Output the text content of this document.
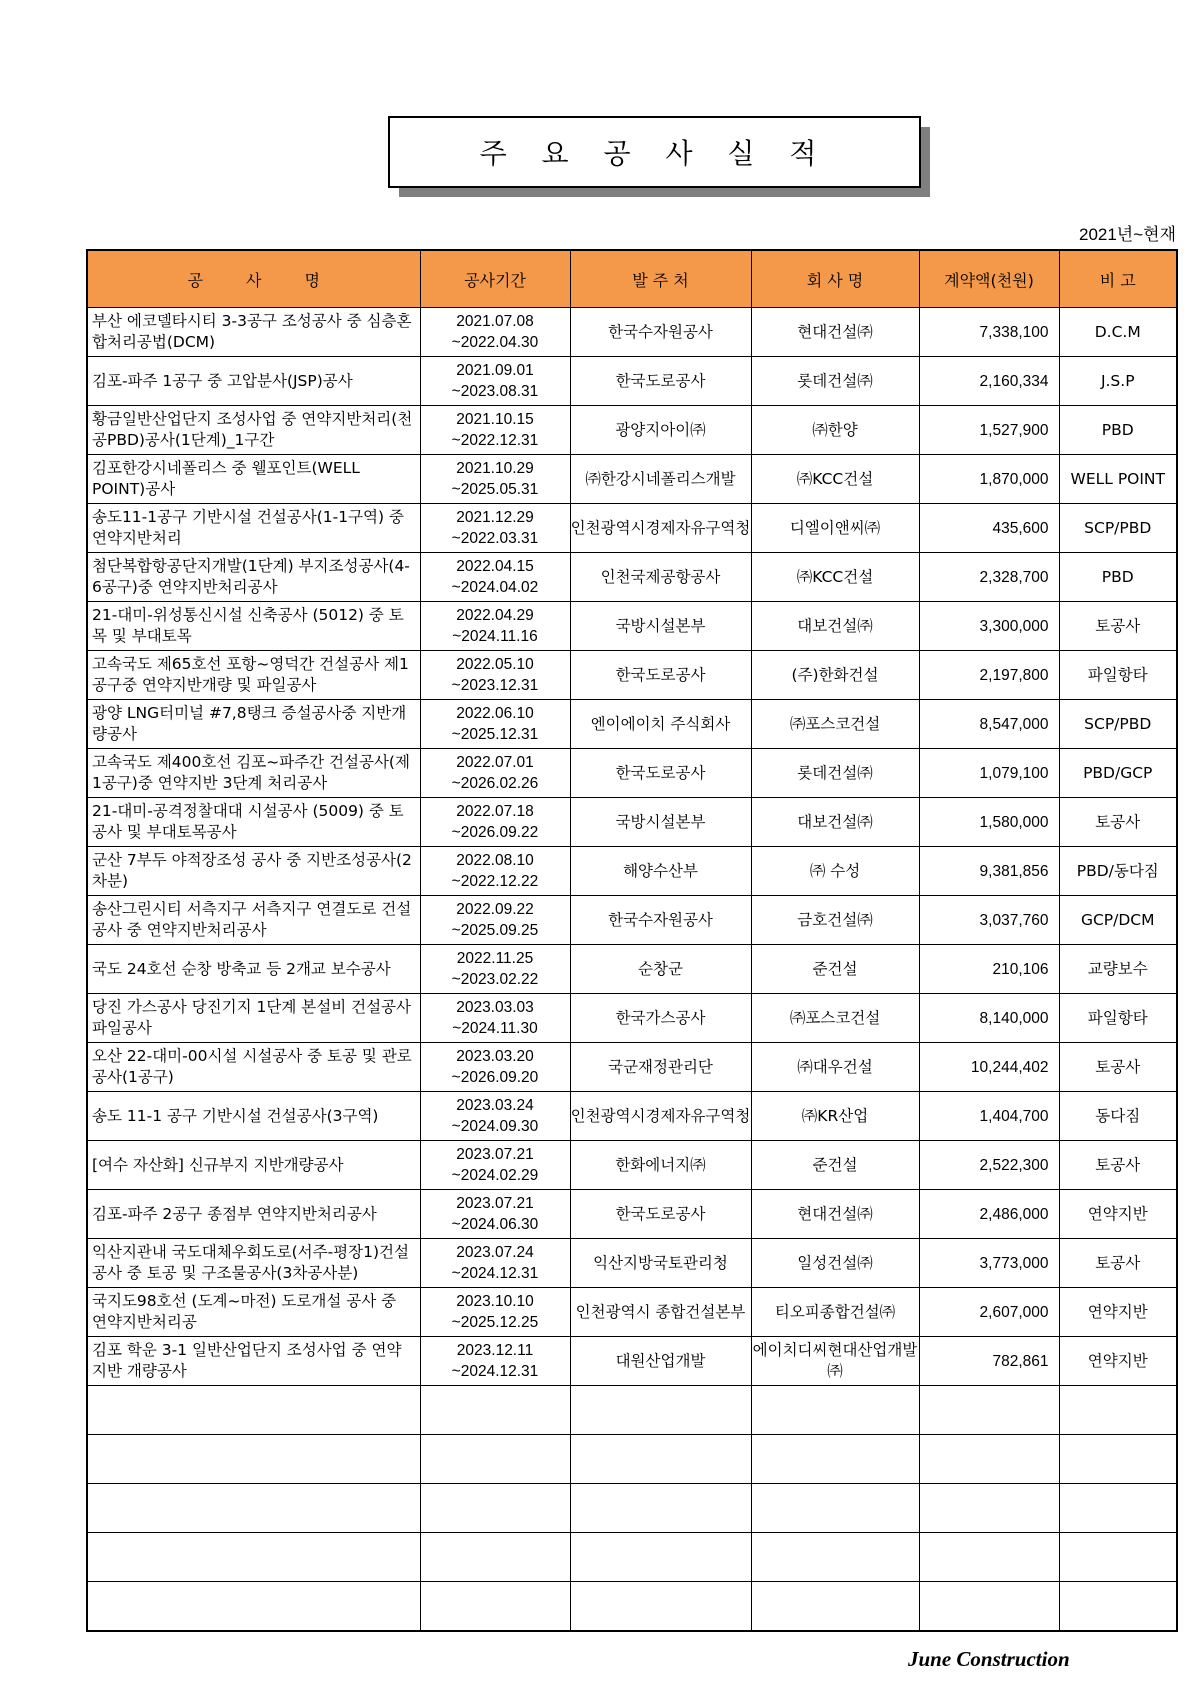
주 요 공 사 실 적
2021년~현재
공 사 명	공사기간	발 주 처	회 사 명	계약액(천원)	비 고

부산 에코델타시티 3-3공구 조성공사 중 심층혼합처리공법(DCM)	2021.07.08
~2022.04.30	한국수자원공사	현대건설㈜	7,338,100	D.C.M

김포-파주 1공구 중 고압분사(JSP)공사	2021.09.01
~2023.08.31	한국도로공사	롯데건설㈜	2,160,334	J.S.P

황금일반산업단지 조성사업 중 연약지반처리(천공PBD)공사(1단계)_1구간	2021.10.15
~2022.12.31	광양지아이㈜	㈜한양	1,527,900	PBD

김포한강시네폴리스 중 웰포인트(WELL POINT)공사	2021.10.29
~2025.05.31	㈜한강시네폴리스개발	㈜KCC건설	1,870,000	WELL POINT

송도11-1공구 기반시설 건설공사(1-1구역) 중 연약지반처리	2021.12.29
~2022.03.31	인천광역시경제자유구역청	디엘이앤씨㈜	435,600	SCP/PBD

첨단복합항공단지개발(1단계) 부지조성공사(4-6공구)중 연약지반처리공사	2022.04.15
~2024.04.02	인천국제공항공사	㈜KCC건설	2,328,700	PBD

21-대미-위성통신시설 신축공사 (5012) 중 토목 및 부대토목	2022.04.29
~2024.11.16	국방시설본부	대보건설㈜	3,300,000	토공사

고속국도 제65호선 포항~영덕간 건설공사 제1공구중 연약지반개량 및 파일공사	2022.05.10
~2023.12.31	한국도로공사	(주)한화건설	2,197,800	파일항타

광양 LNG터미널 #7,8탱크 증설공사중 지반개량공사	2022.06.10
~2025.12.31	엔이에이치 주식회사	㈜포스코건설	8,547,000	SCP/PBD

고속국도 제400호선 김포~파주간 건설공사(제1공구)중 연약지반 3단계 처리공사	2022.07.01
~2026.02.26	한국도로공사	롯데건설㈜	1,079,100	PBD/GCP

21-대미-공격정찰대대 시설공사 (5009) 중 토공사 및 부대토목공사	2022.07.18
~2026.09.22	국방시설본부	대보건설㈜	1,580,000	토공사

군산 7부두 야적장조성 공사 중 지반조성공사(2차분)	2022.08.10
~2022.12.22	해양수산부	㈜ 수성	9,381,856	PBD/동다짐

송산그린시티 서측지구 서측지구 연결도로 건설공사 중 연약지반처리공사	2022.09.22
~2025.09.25	한국수자원공사	금호건설㈜	3,037,760	GCP/DCM

국도 24호선 순창 방축교 등 2개교 보수공사	2022.11.25
~2023.02.22	순창군	준건설	210,106	교량보수

당진 가스공사 당진기지 1단계 본설비 건설공사 파일공사	2023.03.03
~2024.11.30	한국가스공사	㈜포스코건설	8,140,000	파일항타

오산 22-대미-00시설 시설공사 중 토공 및 관로공사(1공구)	2023.03.20
~2026.09.20	국군재정관리단	㈜대우건설	10,244,402	토공사

송도 11-1 공구 기반시설 건설공사(3구역)	2023.03.24
~2024.09.30	인천광역시경제자유구역청	㈜KR산업	1,404,700	동다짐

[여수 자산화] 신규부지 지반개량공사	2023.07.21
~2024.02.29	한화에너지㈜	준건설	2,522,300	토공사

김포-파주 2공구 종점부 연약지반처리공사	2023.07.21
~2024.06.30	한국도로공사	현대건설㈜	2,486,000	연약지반

익산지관내 국도대체우회도로(서주-평장1)건설공사 중 토공 및 구조물공사(3차공사분)	2023.07.24
~2024.12.31	익산지방국토관리청	일성건설㈜	3,773,000	토공사

국지도98호선 (도계~마전) 도로개설 공사 중 연약지반처리공	2023.10.10
~2025.12.25	인천광역시 종합건설본부	티오피종합건설㈜	2,607,000	연약지반

김포 학운 3-1 일반산업단지 조성사업 중 연약지반 개량공사	2023.12.11
~2024.12.31	대원산업개발	에이치디씨현대산업개발㈜	782,861	연약지반

June Construction
